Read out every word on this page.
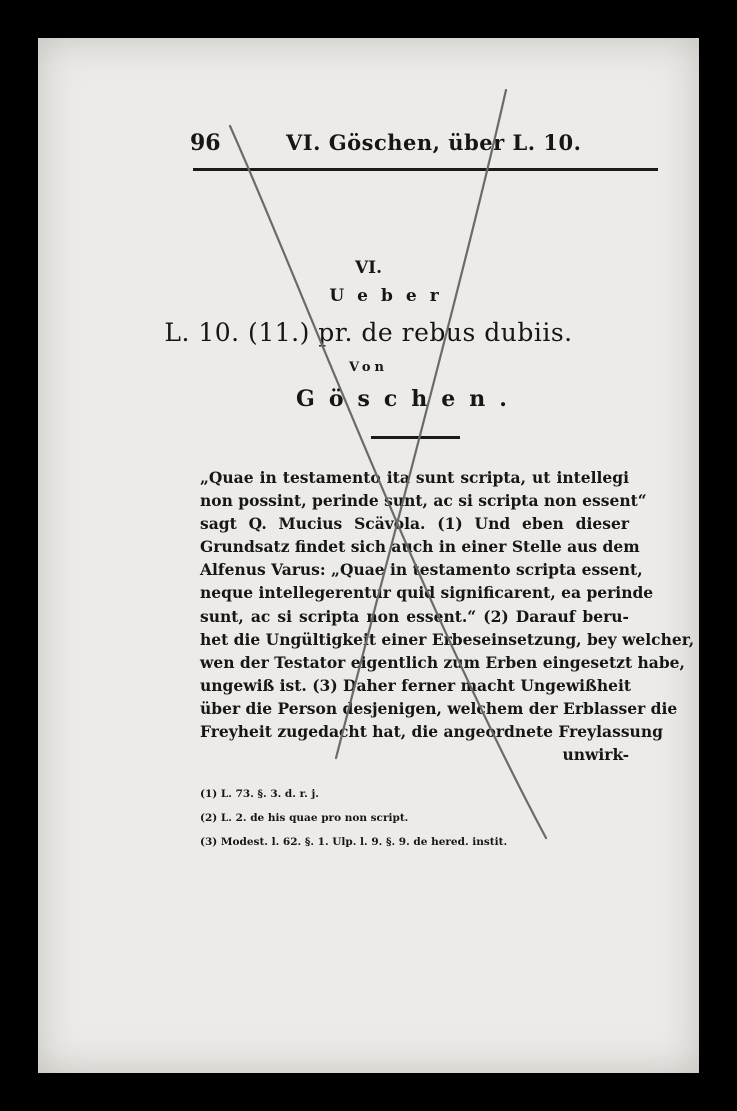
96	VI. Göschen, über L. 10.
VI.
Ueber
L. 10. (11.) pr. de rebus dubiis.
Von
Göschen.
„Quae in testamento ita sunt scripta, ut intellegi
non possint, perinde sunt, ac si scripta non essent“
sagt Q. Mucius Scävola. (1) Und eben dieser
Grundsatz findet sich auch in einer Stelle aus dem
Alfenus Varus: „Quae in testamento scripta essent,
neque intellegerentur quid significarent, ea perinde
sunt, ac si scripta non essent.“ (2) Darauf beru-
het die Ungültigkeit einer Erbeseinsetzung, bey welcher,
wen der Testator eigentlich zum Erben eingesetzt habe,
ungewiß ist. (3) Daher ferner macht Ungewißheit
über die Person desjenigen, welchem der Erblasser die
Freyheit zugedacht hat, die angeordnete Freylassung
unwirk-
(1) L. 73. §. 3. d. r. j.
(2) L. 2. de his quae pro non script.
(3) Modest. l. 62. §. 1. Ulp. l. 9. §. 9. de hered. instit.
